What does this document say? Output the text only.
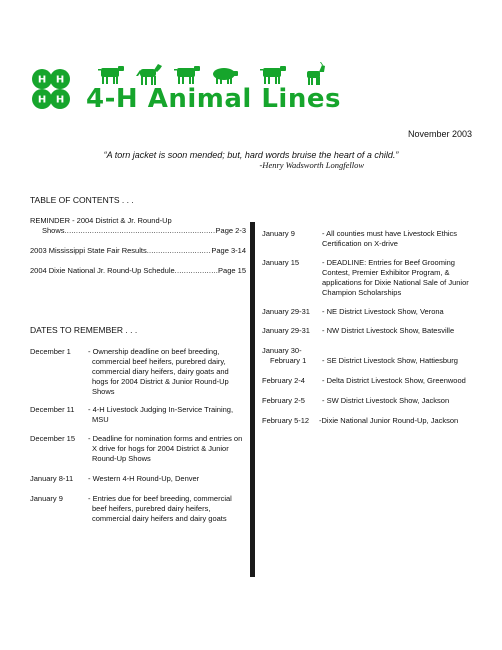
H H
H H 4-H Animal Lines
November 2003
“A torn jacket is soon mended; but, hard words bruise the heart of a child.”
-Henry Wadsworth Longfellow
TABLE OF CONTENTS . . .
REMINDER - 2004 District & Jr. Round-Up
Shows .....	Page 2-3
2003 Mississippi State Fair Results .....	Page 3-14
2004 Dixie National Jr. Round-Up Schedule .....	Page 15
DATES TO REMEMBER . . .
December 1	- Ownership deadline on beef breeding, commercial beef heifers, purebred dairy, commercial diary heifers, dairy goats and hogs for 2004 District & Junior Round-Up Shows
December 11	- 4-H Livestock Judging In-Service Training, MSU
December 15	- Deadline for nomination forms and entries on X drive for hogs for 2004 District & Junior Round-Up Shows
January 8-11	- Western 4-H Round-Up, Denver
January 9	- Entries due for beef breeding, commercial beef heifers, purebred dairy heifers, commercial dairy heifers and dairy goats
January 9	- All counties must have Livestock Ethics Certification on X-drive
January 15	- DEADLINE: Entries for Beef Grooming Contest, Premier Exhibitor Program, & applications for Dixie National Sale of Junior Champion Scholarships
January 29-31	- NE District Livestock Show, Verona
January 29-31	- NW District Livestock Show, Batesville
January 30-
February 1	- SE District Livestock Show, Hattiesburg
February 2-4	- Delta District Livestock Show, Greenwood
February 2-5	- SW District Livestock Show, Jackson
February 5-12	-Dixie National Junior Round-Up, Jackson
